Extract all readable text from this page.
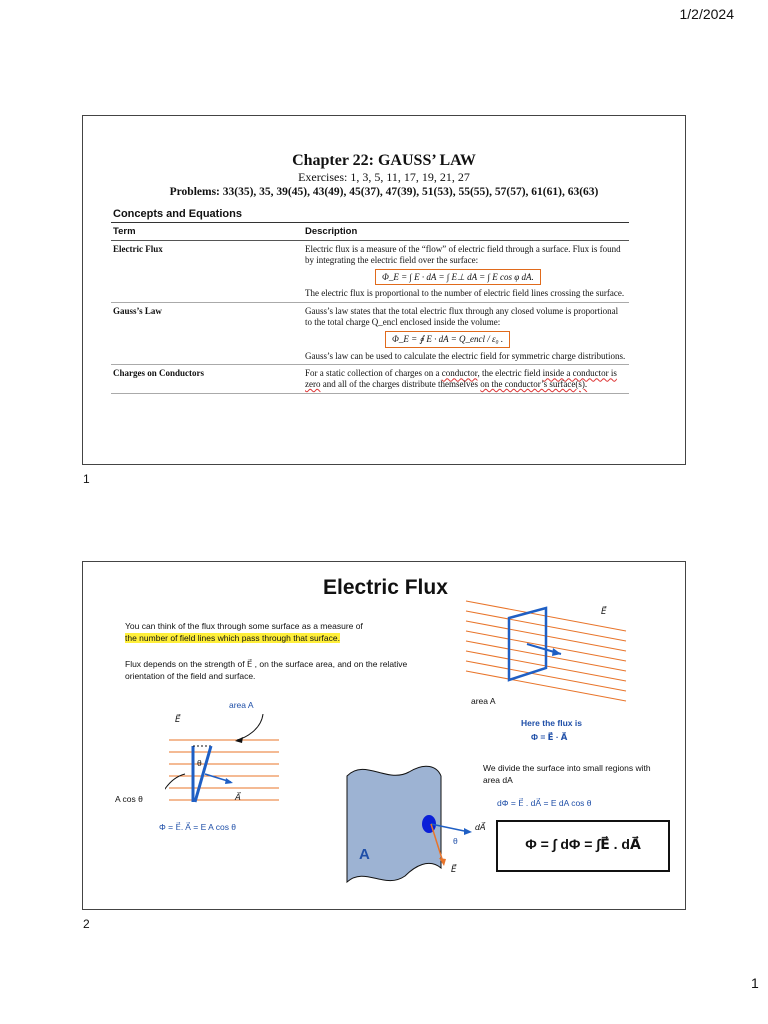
1/2/2024
Chapter 22: GAUSS’ LAW
Exercises: 1, 3, 5, 11, 17, 19, 21, 27
Problems: 33(35), 35, 39(45), 43(49), 45(37), 47(39), 51(53), 55(55), 57(57), 61(61), 63(63)
Concepts and Equations
Term	Description
Electric Flux	Electric flux is a measure of the “flow” of electric field through a surface. Flux is found by integrating the electric field over the surface:
Φ_E = ∫ E · dA = ∫ E⊥ dA = ∫ E cos φ dA.
The electric flux is proportional to the number of electric field lines crossing the surface.

Gauss’s Law	Gauss’s law states that the total electric flux through any closed volume is proportional to the total charge Q_encl enclosed inside the volume:
Φ_E = ∮ E · dA = Q_encl / ε₀ .
Gauss’s law can be used to calculate the electric field for symmetric charge distributions.

Charges on Conductors	For a static collection of charges on a conductor, the electric field inside a conductor is zero and all of the charges distribute themselves on the conductor’s surface(s).
1
Electric Flux
You can think of the flux through some surface as a measure of
the number of field lines which pass through that surface.
Flux depends on the strength of E⃗ , on the surface area, and on the relative orientation of the field and surface.
E⃗
area A
Here the flux is
Φ = E⃗ · A⃗
area A
E⃗
θ
A⃗
A cos θ
Φ = E⃗. A⃗ = E A cos θ
A
dA⃗
θ
E⃗
We divide the surface into small regions with area dA
dΦ = E⃗ . dA⃗ = E dA cos θ
Φ = ∫ dΦ = ∫E⃗ . dA⃗
2
1
